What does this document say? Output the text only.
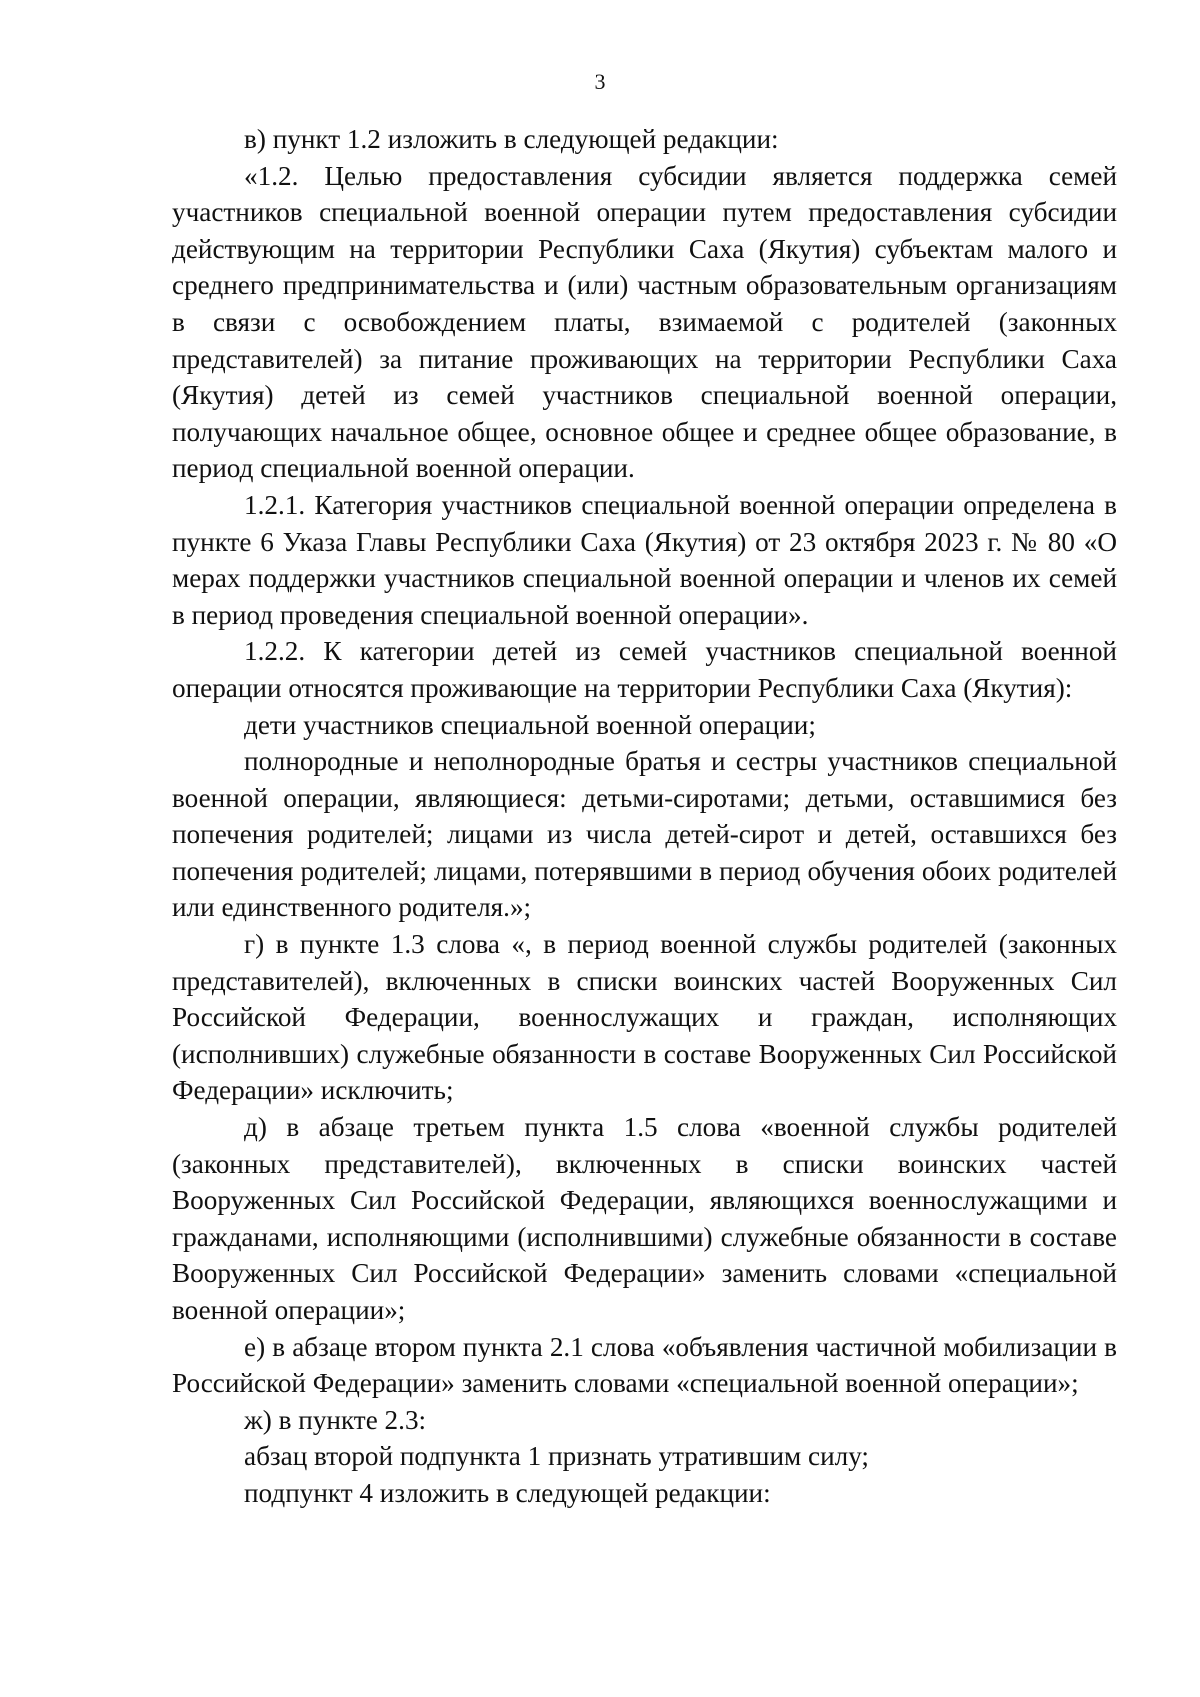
3

в) пункт 1.2 изложить в следующей редакции:

«1.2. Целью предоставления субсидии является поддержка семей участников специальной военной операции путем предоставления субсидии действующим на территории Республики Саха (Якутия) субъектам малого и среднего предпринимательства и (или) частным образовательным организациям в связи с освобождением платы, взимаемой с родителей (законных представителей) за питание проживающих на территории Республики Саха (Якутия) детей из семей участников специальной военной операции, получающих начальное общее, основное общее и среднее общее образование, в период специальной военной операции.

1.2.1. Категория участников специальной военной операции определена в пункте 6 Указа Главы Республики Саха (Якутия) от 23 октября 2023 г. № 80 «О мерах поддержки участников специальной военной операции и членов их семей в период проведения специальной военной операции».

1.2.2. К категории детей из семей участников специальной военной операции относятся проживающие на территории Республики Саха (Якутия):

дети участников специальной военной операции;

полнородные и неполнородные братья и сестры участников специальной военной операции, являющиеся: детьми-сиротами; детьми, оставшимися без попечения родителей; лицами из числа детей-сирот и детей, оставшихся без попечения родителей; лицами, потерявшими в период обучения обоих родителей или единственного родителя.»;

г) в пункте 1.3 слова «, в период военной службы родителей (законных представителей), включенных в списки воинских частей Вооруженных Сил Российской Федерации, военнослужащих и граждан, исполняющих (исполнивших) служебные обязанности в составе Вооруженных Сил Российской Федерации» исключить;

д) в абзаце третьем пункта 1.5 слова «военной службы родителей (законных представителей), включенных в списки воинских частей Вооруженных Сил Российской Федерации, являющихся военнослужащими и гражданами, исполняющими (исполнившими) служебные обязанности в составе Вооруженных Сил Российской Федерации» заменить словами «специальной военной операции»;

е) в абзаце втором пункта 2.1 слова «объявления частичной мобилизации в Российской Федерации» заменить словами «специальной военной операции»;

ж) в пункте 2.3:

абзац второй подпункта 1 признать утратившим силу;

подпункт 4 изложить в следующей редакции:
